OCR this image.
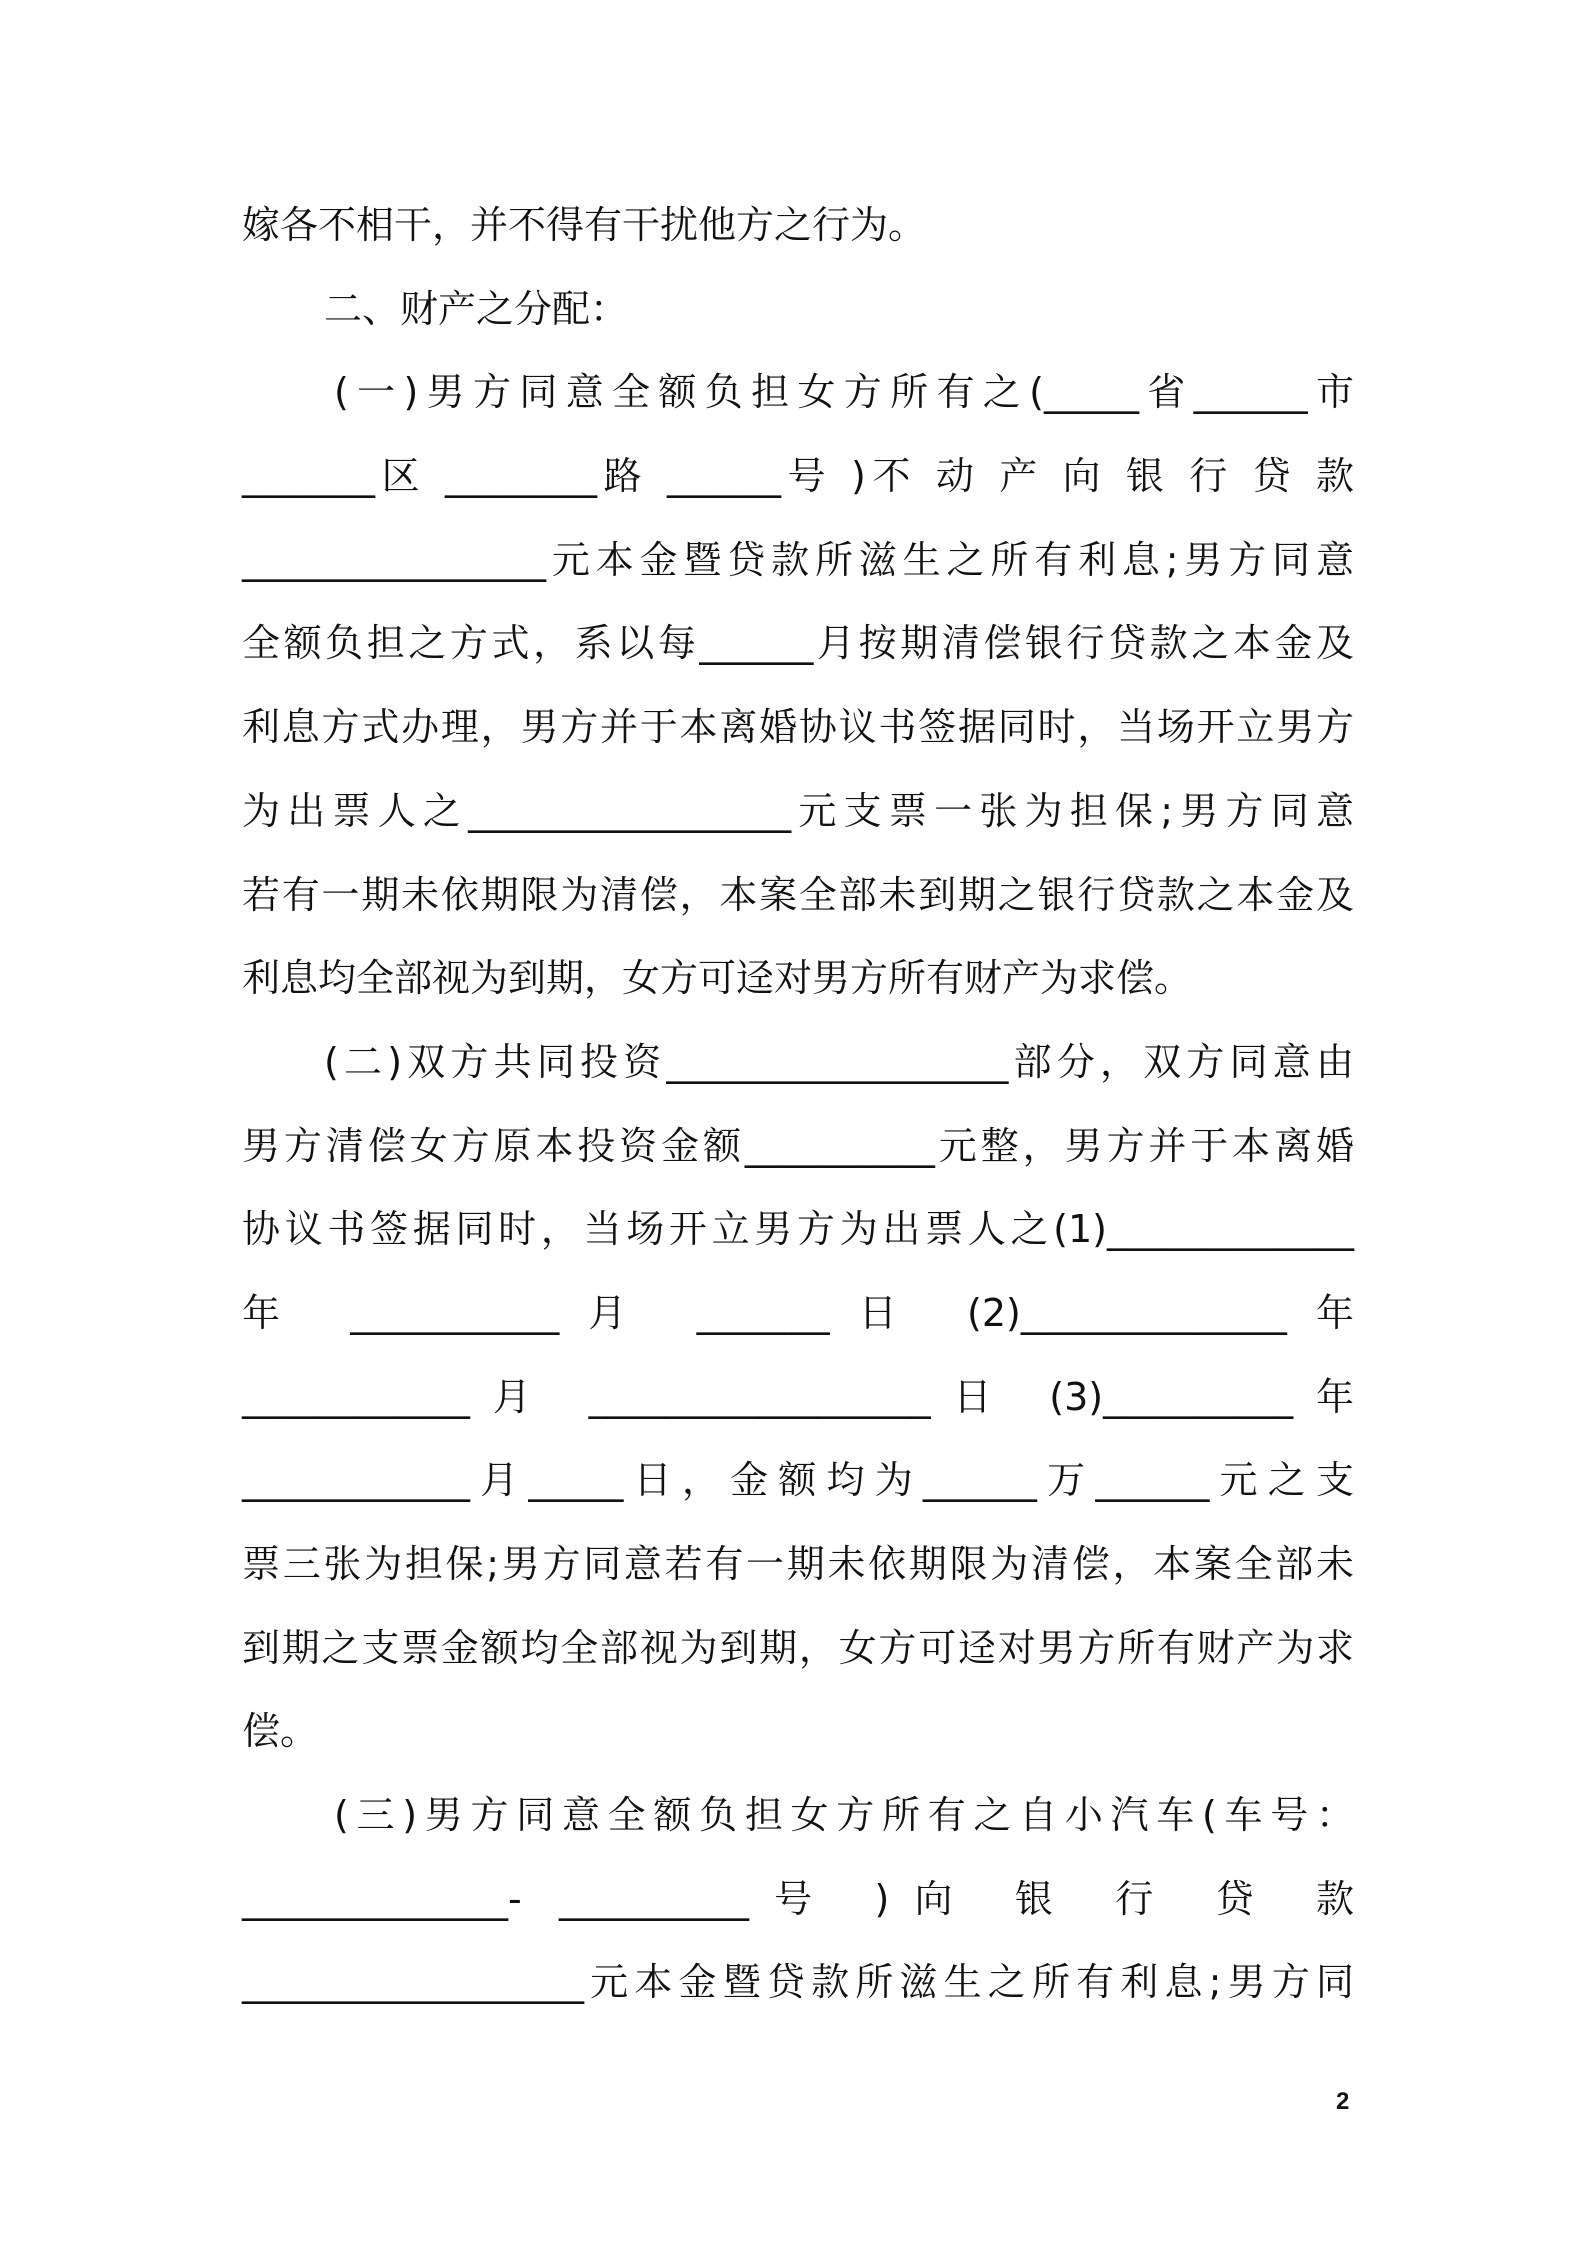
嫁各不相干，并不得有干扰他方之行为。
二、财产之分配：
(一)男方同意全额负担女方所有之(_____省______市
_______区 ________路 ______号 )不 动 产 向 银 行 贷 款
________________元本金暨贷款所滋生之所有利息;男方同意
全额负担之方式，系以每______月按期清偿银行贷款之本金及
利息方式办理，男方并于本离婚协议书签据同时，当场开立男方
为出票人之_________________元支票一张为担保;男方同意
若有一期未依期限为清偿，本案全部未到期之银行贷款之本金及
利息均全部视为到期，女方可迳对男方所有财产为求偿。
(二)双方共同投资__________________部分，双方同意由
男方清偿女方原本投资金额__________元整，男方并于本离婚
协议书签据同时，当场开立男方为出票人之(1)_____________
年 ___________月 _______日 (2)______________年
____________月 __________________日 (3)__________年
____________月_____日，金额均为______万______元之支
票三张为担保;男方同意若有一期未依期限为清偿，本案全部未
到期之支票金额均全部视为到期，女方可迳对男方所有财产为求
偿。
(三)男方同意全额负担女方所有之自小汽车(车号：
______________- __________号 )向 银 行 贷 款
__________________元本金暨贷款所滋生之所有利息;男方同
2
